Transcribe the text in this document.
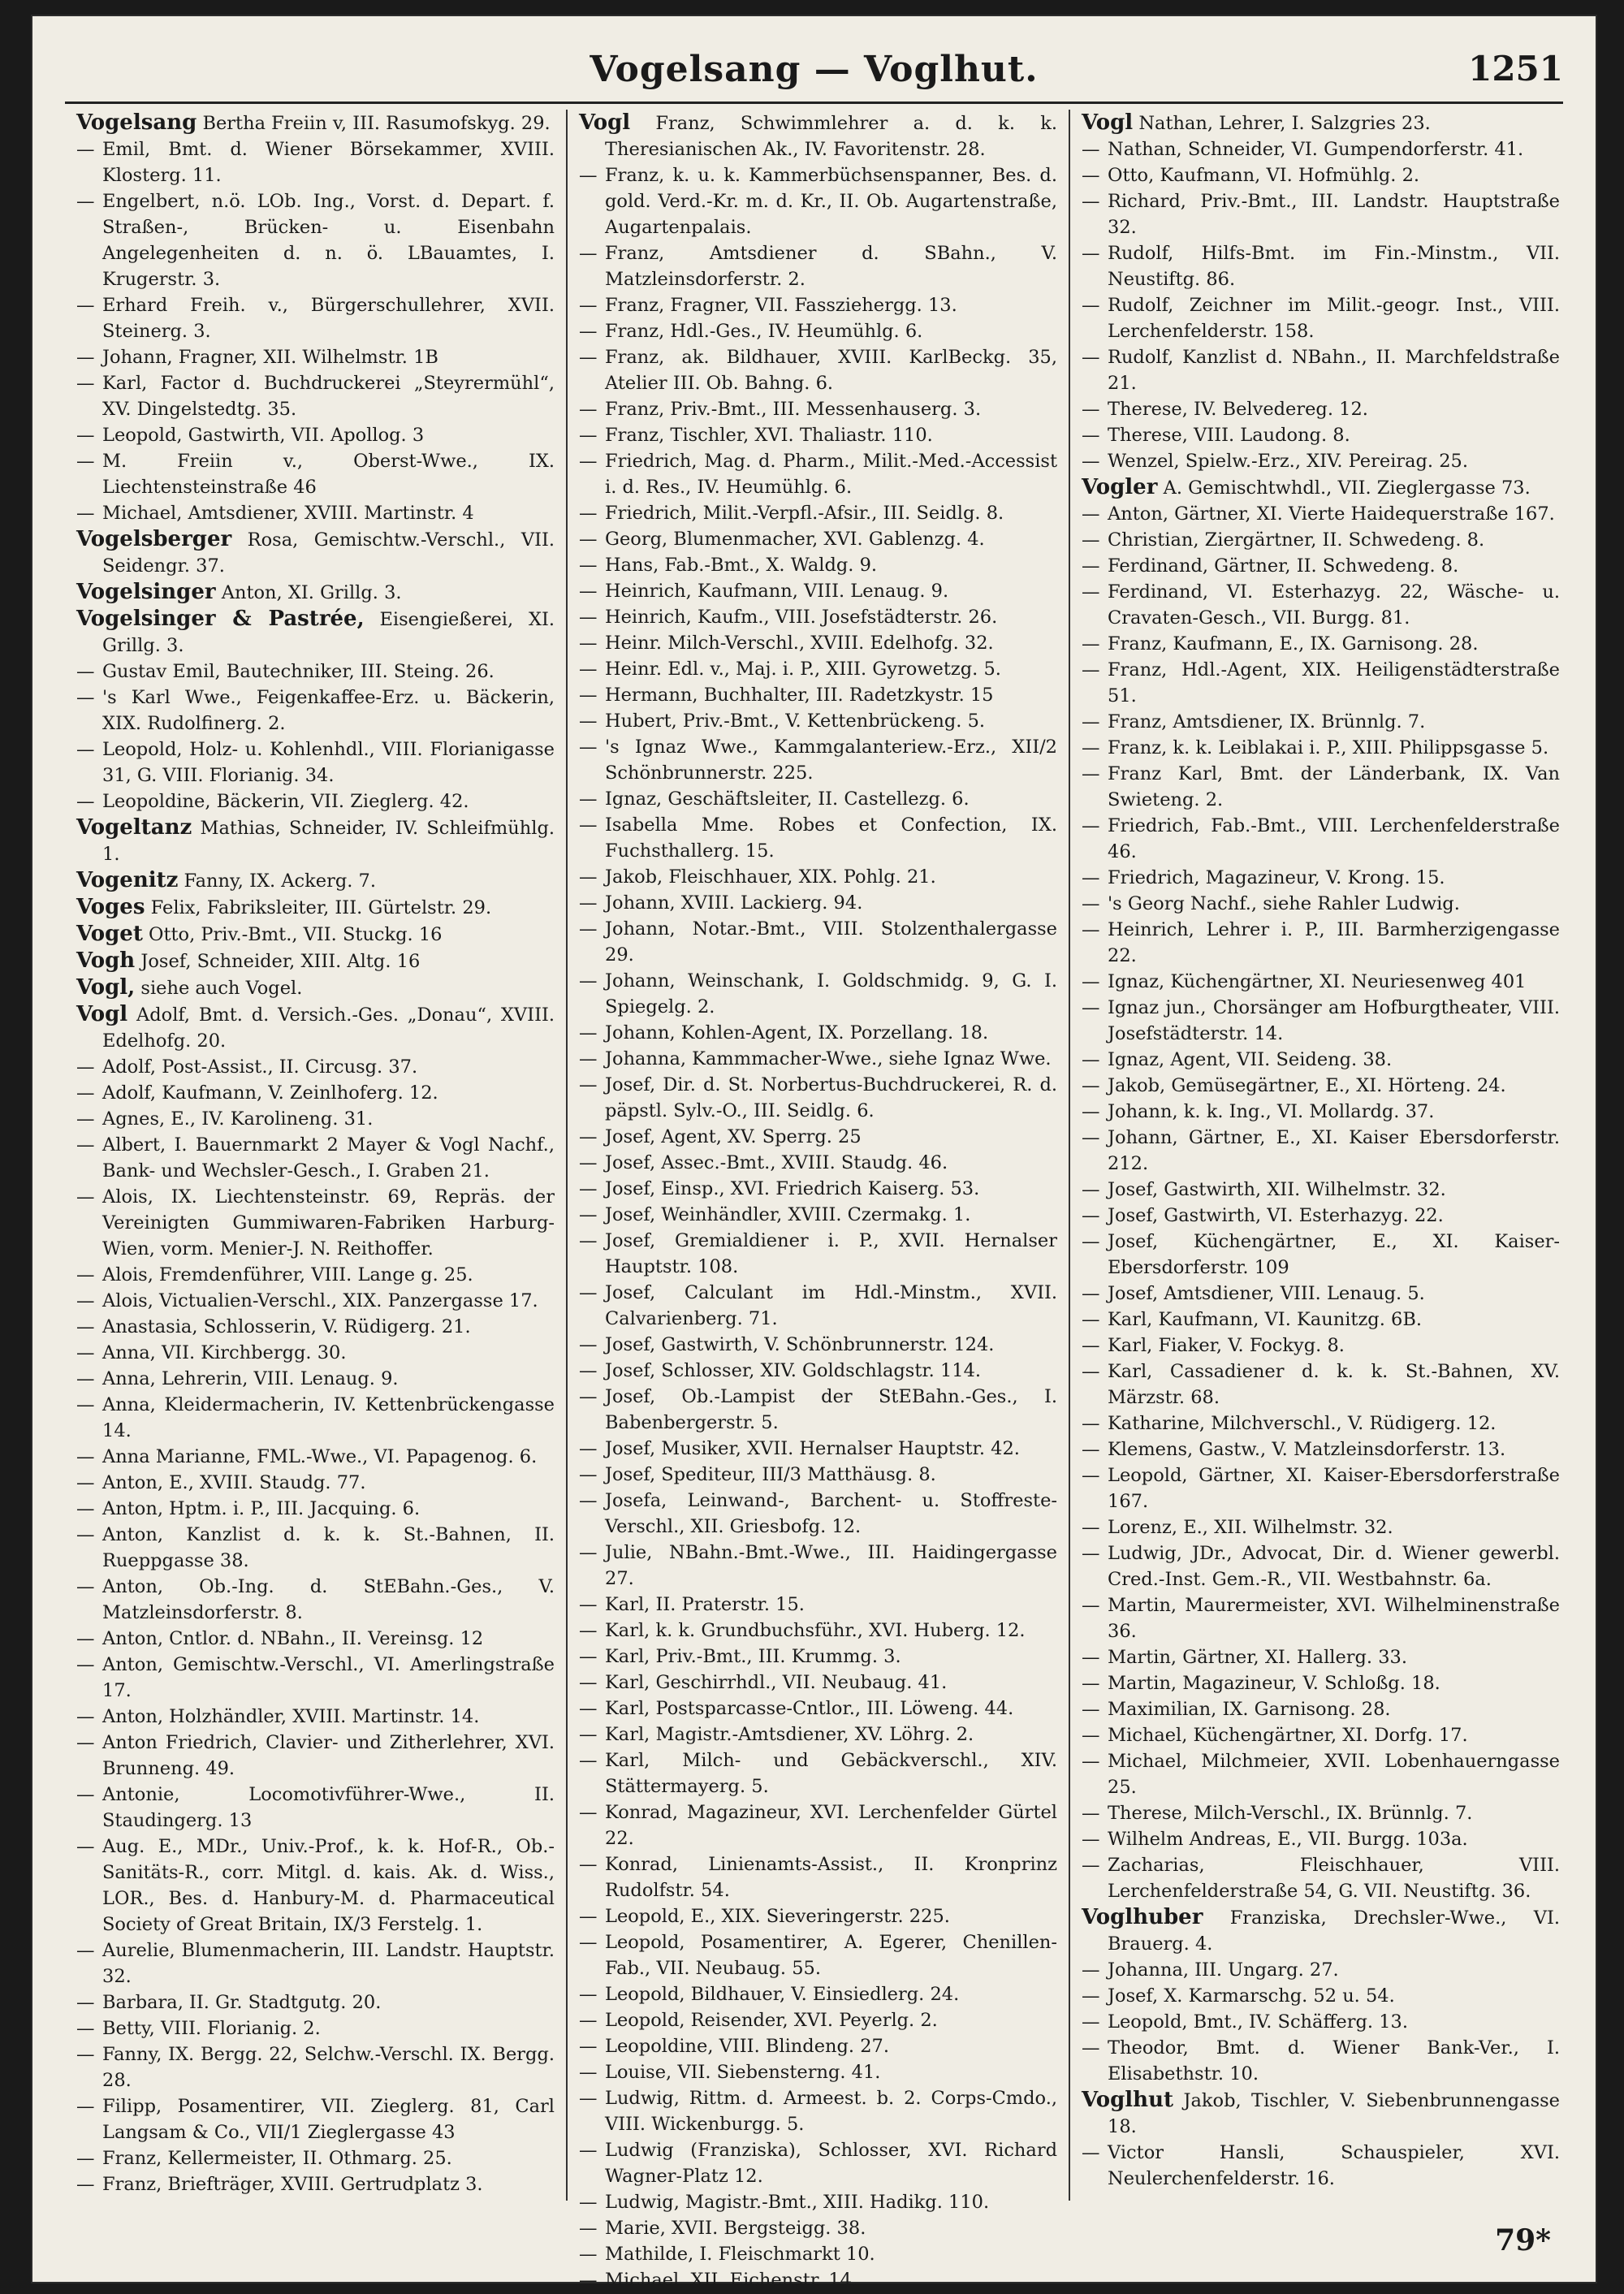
Vogelsang — Voglhut.	1251

Vogelsang Bertha Freiin v, III. Rasumofskyg. 29.

— Emil, Bmt. d. Wiener Börsekammer, XVIII. Klosterg. 11.

— Engelbert, n.ö. LOb. Ing., Vorst. d. Depart. f. Straßen-, Brücken- u. Eisenbahn Angelegenheiten d. n. ö. LBauamtes, I. Krugerstr. 3.

— Erhard Freih. v., Bürgerschullehrer, XVII. Steinerg. 3.

— Johann, Fragner, XII. Wilhelmstr. 1B

— Karl, Factor d. Buchdruckerei „Steyrermühl“, XV. Dingelstedtg. 35.

— Leopold, Gastwirth, VII. Apollog. 3

— M. Freiin v., Oberst-Wwe., IX. Liechtensteinstraße 46

— Michael, Amtsdiener, XVIII. Martinstr. 4

Vogelsberger Rosa, Gemischtw.-Verschl., VII. Seidengr. 37.

Vogelsinger Anton, XI. Grillg. 3.

Vogelsinger & Pastrée, Eisengießerei, XI. Grillg. 3.

— Gustav Emil, Bautechniker, III. Steing. 26.

— 's Karl Wwe., Feigenkaffee-Erz. u. Bäckerin, XIX. Rudolfinerg. 2.

— Leopold, Holz- u. Kohlenhdl., VIII. Florianigasse 31, G. VIII. Florianig. 34.

— Leopoldine, Bäckerin, VII. Zieglerg. 42.

Vogeltanz Mathias, Schneider, IV. Schleifmühlg. 1.

Vogenitz Fanny, IX. Ackerg. 7.

Voges Felix, Fabriksleiter, III. Gürtelstr. 29.

Voget Otto, Priv.-Bmt., VII. Stuckg. 16

Vogh Josef, Schneider, XIII. Altg. 16

Vogl, siehe auch Vogel.

Vogl Adolf, Bmt. d. Versich.-Ges. „Donau“, XVIII. Edelhofg. 20.

— Adolf, Post-Assist., II. Circusg. 37.

— Adolf, Kaufmann, V. Zeinlhoferg. 12.

— Agnes, E., IV. Karolineng. 31.

— Albert, I. Bauernmarkt 2 Mayer & Vogl Nachf., Bank- und Wechsler-Gesch., I. Graben 21.

— Alois, IX. Liechtensteinstr. 69, Repräs. der Vereinigten Gummiwaren-Fabriken Harburg-Wien, vorm. Menier-J. N. Reithoffer.

— Alois, Fremdenführer, VIII. Lange g. 25.

— Alois, Victualien-Verschl., XIX. Panzergasse 17.

— Anastasia, Schlosserin, V. Rüdigerg. 21.

— Anna, VII. Kirchbergg. 30.

— Anna, Lehrerin, VIII. Lenaug. 9.

— Anna, Kleidermacherin, IV. Kettenbrückengasse 14.

— Anna Marianne, FML.-Wwe., VI. Papagenog. 6.

— Anton, E., XVIII. Staudg. 77.

— Anton, Hptm. i. P., III. Jacquing. 6.

— Anton, Kanzlist d. k. k. St.-Bahnen, II. Rueppgasse 38.

— Anton, Ob.-Ing. d. StEBahn.-Ges., V. Matzleinsdorferstr. 8.

— Anton, Cntlor. d. NBahn., II. Vereinsg. 12

— Anton, Gemischtw.-Verschl., VI. Amerlingstraße 17.

— Anton, Holzhändler, XVIII. Martinstr. 14.

— Anton Friedrich, Clavier- und Zitherlehrer, XVI. Brunneng. 49.

— Antonie, Locomotivführer-Wwe., II. Staudingerg. 13

— Aug. E., MDr., Univ.-Prof., k. k. Hof-R., Ob.-Sanitäts-R., corr. Mitgl. d. kais. Ak. d. Wiss., LOR., Bes. d. Hanbury-M. d. Pharmaceutical Society of Great Britain, IX/3 Ferstelg. 1.

— Aurelie, Blumenmacherin, III. Landstr. Hauptstr. 32.

— Barbara, II. Gr. Stadtgutg. 20.

— Betty, VIII. Florianig. 2.

— Fanny, IX. Bergg. 22, Selchw.-Verschl. IX. Bergg. 28.

— Filipp, Posamentirer, VII. Zieglerg. 81, Carl Langsam & Co., VII/1 Zieglergasse 43

— Franz, Kellermeister, II. Othmarg. 25.

— Franz, Briefträger, XVIII. Gertrudplatz 3.

Vogl Franz, Schwimmlehrer a. d. k. k. Theresianischen Ak., IV. Favoritenstr. 28.

— Franz, k. u. k. Kammerbüchsenspanner, Bes. d. gold. Verd.-Kr. m. d. Kr., II. Ob. Augartenstraße, Augartenpalais.

— Franz, Amtsdiener d. SBahn., V. Matzleinsdorferstr. 2.

— Franz, Fragner, VII. Fassziehergg. 13.

— Franz, Hdl.-Ges., IV. Heumühlg. 6.

— Franz, ak. Bildhauer, XVIII. KarlBeckg. 35, Atelier III. Ob. Bahng. 6.

— Franz, Priv.-Bmt., III. Messenhauserg. 3.

— Franz, Tischler, XVI. Thaliastr. 110.

— Friedrich, Mag. d. Pharm., Milit.-Med.-Accessist i. d. Res., IV. Heumühlg. 6.

— Friedrich, Milit.-Verpfl.-Afsir., III. Seidlg. 8.

— Georg, Blumenmacher, XVI. Gablenzg. 4.

— Hans, Fab.-Bmt., X. Waldg. 9.

— Heinrich, Kaufmann, VIII. Lenaug. 9.

— Heinrich, Kaufm., VIII. Josefstädterstr. 26.

— Heinr. Milch-Verschl., XVIII. Edelhofg. 32.

— Heinr. Edl. v., Maj. i. P., XIII. Gyrowetzg. 5.

— Hermann, Buchhalter, III. Radetzkystr. 15

— Hubert, Priv.-Bmt., V. Kettenbrückeng. 5.

— 's Ignaz Wwe., Kammgalanteriew.-Erz., XII/2 Schönbrunnerstr. 225.

— Ignaz, Geschäftsleiter, II. Castellezg. 6.

— Isabella Mme. Robes et Confection, IX. Fuchsthallerg. 15.

— Jakob, Fleischhauer, XIX. Pohlg. 21.

— Johann, XVIII. Lackierg. 94.

— Johann, Notar.-Bmt., VIII. Stolzenthalergasse 29.

— Johann, Weinschank, I. Goldschmidg. 9, G. I. Spiegelg. 2.

— Johann, Kohlen-Agent, IX. Porzellang. 18.

— Johanna, Kammmacher-Wwe., siehe Ignaz Wwe.

— Josef, Dir. d. St. Norbertus-Buchdruckerei, R. d. päpstl. Sylv.-O., III. Seidlg. 6.

— Josef, Agent, XV. Sperrg. 25

— Josef, Assec.-Bmt., XVIII. Staudg. 46.

— Josef, Einsp., XVI. Friedrich Kaiserg. 53.

— Josef, Weinhändler, XVIII. Czermakg. 1.

— Josef, Gremialdiener i. P., XVII. Hernalser Hauptstr. 108.

— Josef, Calculant im Hdl.-Minstm., XVII. Calvarienberg. 71.

— Josef, Gastwirth, V. Schönbrunnerstr. 124.

— Josef, Schlosser, XIV. Goldschlagstr. 114.

— Josef, Ob.-Lampist der StEBahn.-Ges., I. Babenbergerstr. 5.

— Josef, Musiker, XVII. Hernalser Hauptstr. 42.

— Josef, Spediteur, III/3 Matthäusg. 8.

— Josefa, Leinwand-, Barchent- u. Stoffreste-Verschl., XII. Griesbofg. 12.

— Julie, NBahn.-Bmt.-Wwe., III. Haidingergasse 27.

— Karl, II. Praterstr. 15.

— Karl, k. k. Grundbuchsführ., XVI. Huberg. 12.

— Karl, Priv.-Bmt., III. Krummg. 3.

— Karl, Geschirrhdl., VII. Neubaug. 41.

— Karl, Postsparcasse-Cntlor., III. Löweng. 44.

— Karl, Magistr.-Amtsdiener, XV. Löhrg. 2.

— Karl, Milch- und Gebäckverschl., XIV. Stättermayerg. 5.

— Konrad, Magazineur, XVI. Lerchenfelder Gürtel 22.

— Konrad, Linienamts-Assist., II. Kronprinz Rudolfstr. 54.

— Leopold, E., XIX. Sieveringerstr. 225.

— Leopold, Posamentirer, A. Egerer, Chenillen-Fab., VII. Neubaug. 55.

— Leopold, Bildhauer, V. Einsiedlerg. 24.

— Leopold, Reisender, XVI. Peyerlg. 2.

— Leopoldine, VIII. Blindeng. 27.

— Louise, VII. Siebensterng. 41.

— Ludwig, Rittm. d. Armeest. b. 2. Corps-Cmdo., VIII. Wickenburgg. 5.

— Ludwig (Franziska), Schlosser, XVI. Richard Wagner-Platz 12.

— Ludwig, Magistr.-Bmt., XIII. Hadikg. 110.

— Marie, XVII. Bergsteigg. 38.

— Mathilde, I. Fleischmarkt 10.

— Michael, XII. Eichenstr. 14.

Vogl Nathan, Lehrer, I. Salzgries 23.

— Nathan, Schneider, VI. Gumpendorferstr. 41.

— Otto, Kaufmann, VI. Hofmühlg. 2.

— Richard, Priv.-Bmt., III. Landstr. Hauptstraße 32.

— Rudolf, Hilfs-Bmt. im Fin.-Minstm., VII. Neustiftg. 86.

— Rudolf, Zeichner im Milit.-geogr. Inst., VIII. Lerchenfelderstr. 158.

— Rudolf, Kanzlist d. NBahn., II. Marchfeldstraße 21.

— Therese, IV. Belvedereg. 12.

— Therese, VIII. Laudong. 8.

— Wenzel, Spielw.-Erz., XIV. Pereirag. 25.

Vogler A. Gemischtwhdl., VII. Zieglergasse 73.

— Anton, Gärtner, XI. Vierte Haidequerstraße 167.

— Christian, Ziergärtner, II. Schwedeng. 8.

— Ferdinand, Gärtner, II. Schwedeng. 8.

— Ferdinand, VI. Esterhazyg. 22, Wäsche- u. Cravaten-Gesch., VII. Burgg. 81.

— Franz, Kaufmann, E., IX. Garnisong. 28.

— Franz, Hdl.-Agent, XIX. Heiligenstädterstraße 51.

— Franz, Amtsdiener, IX. Brünnlg. 7.

— Franz, k. k. Leiblakai i. P., XIII. Philippsgasse 5.

— Franz Karl, Bmt. der Länderbank, IX. Van Swieteng. 2.

— Friedrich, Fab.-Bmt., VIII. Lerchenfelderstraße 46.

— Friedrich, Magazineur, V. Krong. 15.

— 's Georg Nachf., siehe Rahler Ludwig.

— Heinrich, Lehrer i. P., III. Barmherzigengasse 22.

— Ignaz, Küchengärtner, XI. Neuriesenweg 401

— Ignaz jun., Chorsänger am Hofburgtheater, VIII. Josefstädterstr. 14.

— Ignaz, Agent, VII. Seideng. 38.

— Jakob, Gemüsegärtner, E., XI. Hörteng. 24.

— Johann, k. k. Ing., VI. Mollardg. 37.

— Johann, Gärtner, E., XI. Kaiser Ebersdorferstr. 212.

— Josef, Gastwirth, XII. Wilhelmstr. 32.

— Josef, Gastwirth, VI. Esterhazyg. 22.

— Josef, Küchengärtner, E., XI. Kaiser-Ebersdorferstr. 109

— Josef, Amtsdiener, VIII. Lenaug. 5.

— Karl, Kaufmann, VI. Kaunitzg. 6B.

— Karl, Fiaker, V. Fockyg. 8.

— Karl, Cassadiener d. k. k. St.-Bahnen, XV. Märzstr. 68.

— Katharine, Milchverschl., V. Rüdigerg. 12.

— Klemens, Gastw., V. Matzleinsdorferstr. 13.

— Leopold, Gärtner, XI. Kaiser-Ebersdorferstraße 167.

— Lorenz, E., XII. Wilhelmstr. 32.

— Ludwig, JDr., Advocat, Dir. d. Wiener gewerbl. Cred.-Inst. Gem.-R., VII. Westbahnstr. 6a.

— Martin, Maurermeister, XVI. Wilhelminenstraße 36.

— Martin, Gärtner, XI. Hallerg. 33.

— Martin, Magazineur, V. Schloßg. 18.

— Maximilian, IX. Garnisong. 28.

— Michael, Küchengärtner, XI. Dorfg. 17.

— Michael, Milchmeier, XVII. Lobenhauerngasse 25.

— Therese, Milch-Verschl., IX. Brünnlg. 7.

— Wilhelm Andreas, E., VII. Burgg. 103a.

— Zacharias, Fleischhauer, VIII. Lerchenfelderstraße 54, G. VII. Neustiftg. 36.

Voglhuber Franziska, Drechsler-Wwe., VI. Brauerg. 4.

— Johanna, III. Ungarg. 27.

— Josef, X. Karmarschg. 52 u. 54.

— Leopold, Bmt., IV. Schäfferg. 13.

— Theodor, Bmt. d. Wiener Bank-Ver., I. Elisabethstr. 10.

Voglhut Jakob, Tischler, V. Siebenbrunnengasse 18.

— Victor Hansli, Schauspieler, XVI. Neulerchenfelderstr. 16.

79*
